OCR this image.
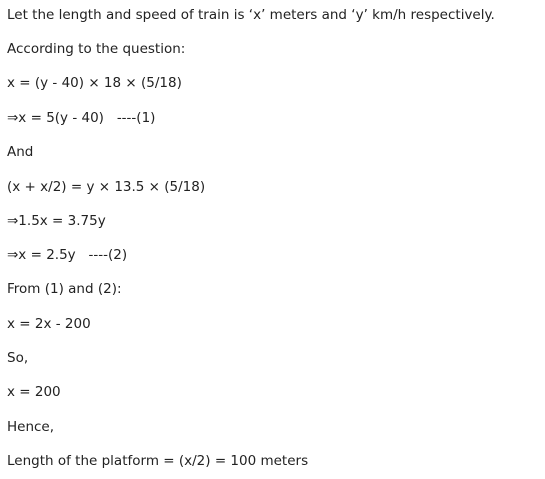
Let the length and speed of train is ‘x’ meters and ‘y’ km/h respectively.
According to the question:
x = (y - 40) × 18 × (5/18)
⇒x = 5(y - 40)   ----(1)
And
(x + x/2) = y × 13.5 × (5/18)
⇒1.5x = 3.75y
⇒x = 2.5y   ----(2)
From (1) and (2):
x = 2x - 200
So,
x = 200
Hence,
Length of the platform = (x/2) = 100 meters
